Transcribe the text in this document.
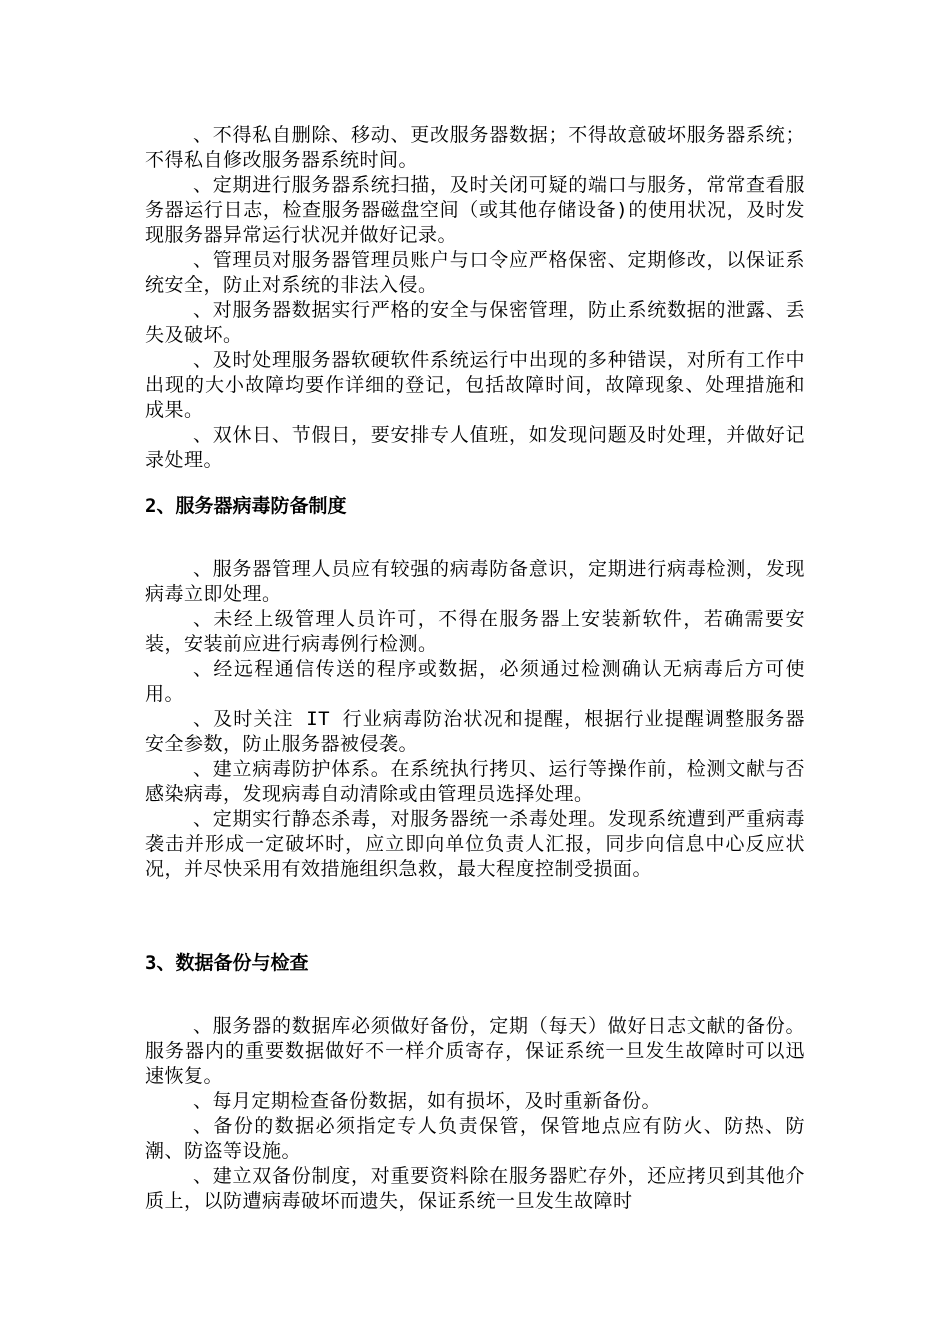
、不得私自删除、移动、更改服务器数据；不得故意破坏服务器系统；不得私自修改服务器系统时间。

、定期进行服务器系统扫描，及时关闭可疑的端口与服务，常常查看服务器运行日志，检查服务器磁盘空间（或其他存储设备)的使用状况，及时发现服务器异常运行状况并做好记录。

、管理员对服务器管理员账户与口令应严格保密、定期修改，以保证系统安全，防止对系统的非法入侵。

、对服务器数据实行严格的安全与保密管理，防止系统数据的泄露、丢失及破坏。

、及时处理服务器软硬软件系统运行中出现的多种错误，对所有工作中出现的大小故障均要作详细的登记，包括故障时间，故障现象、处理措施和成果。

、双休日、节假日，要安排专人值班，如发现问题及时处理，并做好记录处理。

2、服务器病毒防备制度

、服务器管理人员应有较强的病毒防备意识，定期进行病毒检测，发现病毒立即处理。

、未经上级管理人员许可，不得在服务器上安装新软件，若确需要安装，安装前应进行病毒例行检测。

、经远程通信传送的程序或数据，必须通过检测确认无病毒后方可使用。

、及时关注 IT 行业病毒防治状况和提醒，根据行业提醒调整服务器安全参数，防止服务器被侵袭。

、建立病毒防护体系。在系统执行拷贝、运行等操作前，检测文献与否感染病毒，发现病毒自动清除或由管理员选择处理。

、定期实行静态杀毒，对服务器统一杀毒处理。发现系统遭到严重病毒袭击并形成一定破坏时，应立即向单位负责人汇报，同步向信息中心反应状况，并尽快采用有效措施组织急救，最大程度控制受损面。

3、数据备份与检查

、服务器的数据库必须做好备份，定期（每天）做好日志文献的备份。服务器内的重要数据做好不一样介质寄存，保证系统一旦发生故障时可以迅速恢复。

、每月定期检查备份数据，如有损坏，及时重新备份。

、备份的数据必须指定专人负责保管，保管地点应有防火、防热、防潮、防盗等设施。

、建立双备份制度，对重要资料除在服务器贮存外，还应拷贝到其他介质上，以防遭病毒破坏而遗失，保证系统一旦发生故障时
